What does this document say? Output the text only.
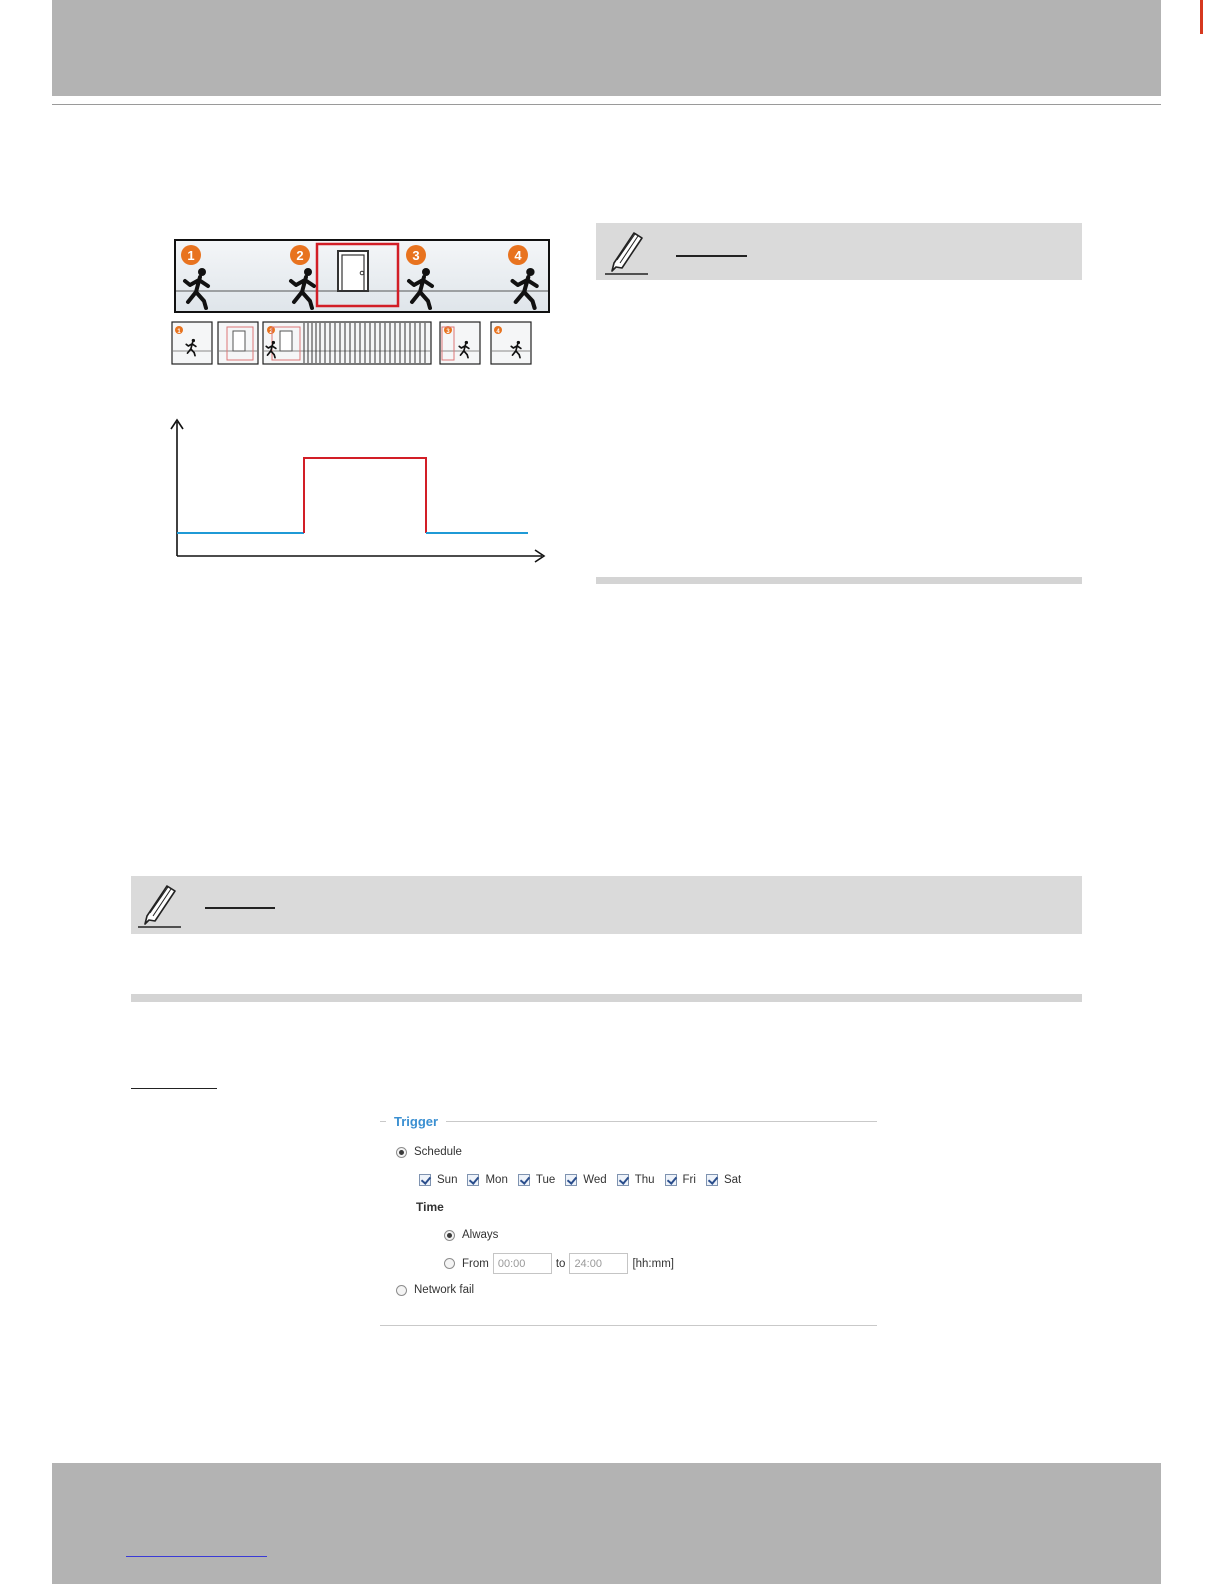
1	2	3	4
1	2	3	4
Trigger
Schedule
Sun Mon Tue Wed Thu Fri Sat
Time
Always
From
00:00	to
24:00	[hh:mm]
Network fail
